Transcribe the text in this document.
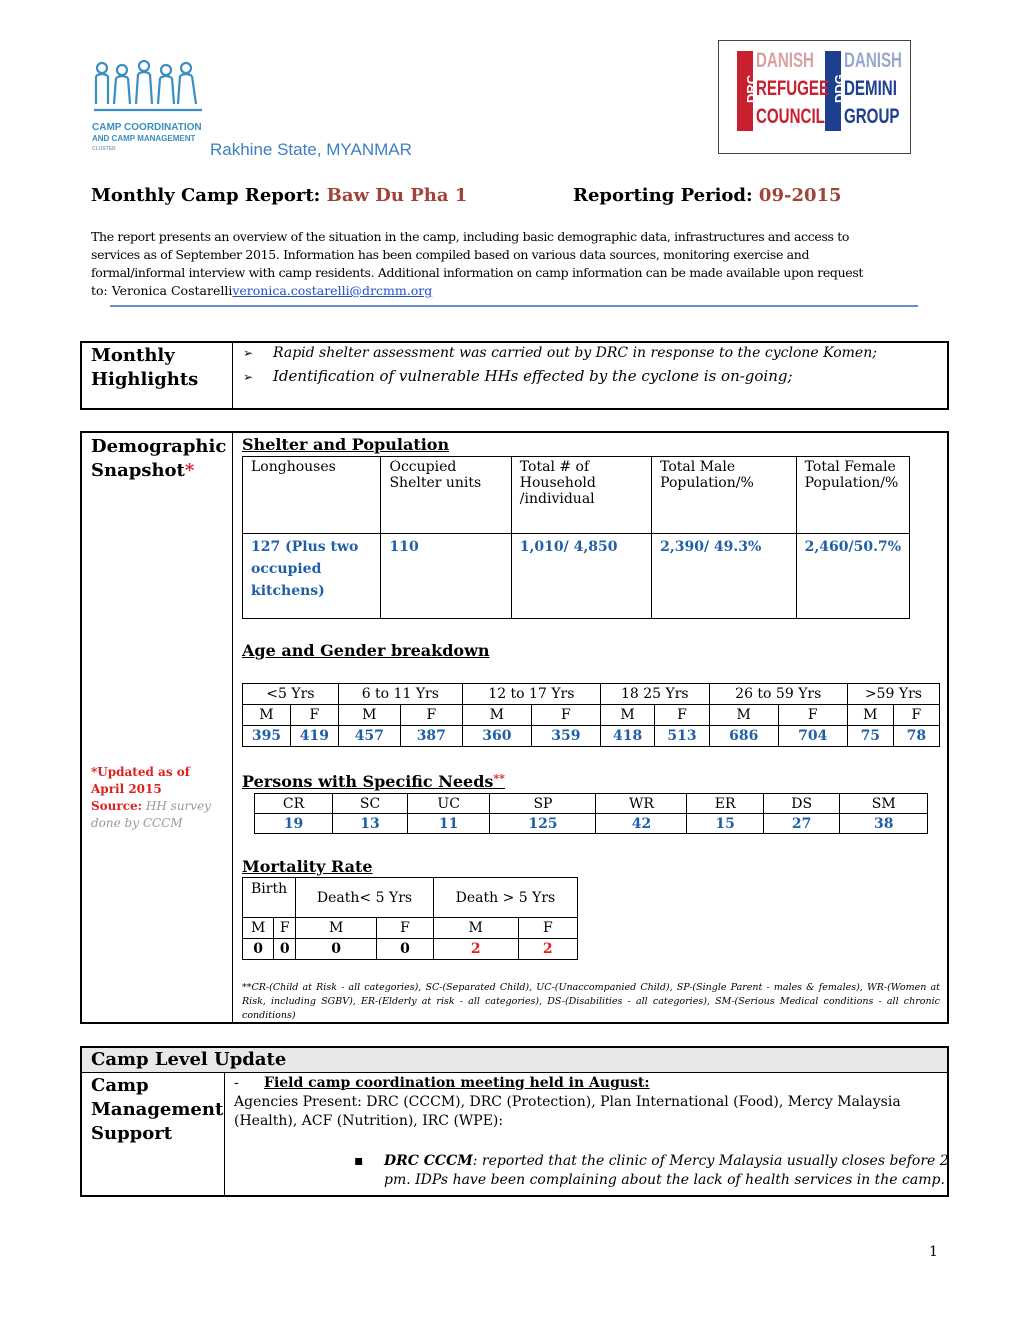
CAMP COORDINATION
AND CAMP MANAGEMENT
CLUSTER	Rakhine State, MYANMAR
DRC	DDG
DANISH
REFUGEE
COUNCIL
DANISH
DEMINI
GROUP
Monthly Camp Report: Baw Du Pha 1	Reporting Period: 09-2015
The report presents an overview of the situation in the camp, including basic demographic data, infrastructures and access to
services as of September 2015. Information has been compiled based on various data sources, monitoring exercise and
formal/informal interview with camp residents. Additional information on camp information can be made available upon request
to: Veronica Costarelliveronica.costarelli@drcmm.org
Monthly
Highlights
➢ Rapid shelter assessment was carried out by DRC in response to the cyclone Komen;
➢ Identification of vulnerable HHs effected by the cyclone is on-going;
Demographic
Snapshot*
*Updated as of April 2015
Source: HH survey done by CCCM
Shelter and Population
Longhouses	Occupied Shelter units	Total # of Household /individual	Total Male Population/%	Total Female Population/%
127 (Plus two occupied kitchens)	110	1,010/ 4,850	2,390/ 49.3%	2,460/50.7%
Age and Gender breakdown
<5 Yrs		6 to 11 Yrs		12 to 17 Yrs		18 25 Yrs		26 to 59 Yrs		>59 Yrs	
M	F	M	F	M	F	M	F	M	F	M	F
395	419	457	387	360	359	418	513	686	704	75	78
Persons with Specific Needs**
CR	SC	UC	SP	WR	ER	DS	SM
19	13	11	125	42	15	27	38
Mortality Rate
Birth		Death< 5 Yrs		Death > 5 Yrs	
M	F	M	F	M	F
0	0	0	0	2	2
**CR-(Child at Risk - all categories), SC-(Separated Child), UC-(Unaccompanied Child), SP-(Single Parent - males & females), WR-(Women at Risk, including SGBV), ER-(Elderly at risk - all categories), DS-(Disabilities - all categories), SM-(Serious Medical conditions - all chronic conditions)
Camp Level Update
Camp
Management
Support
- Field camp coordination meeting held in August:
Agencies Present: DRC (CCCM), DRC (Protection), Plan International (Food), Mercy Malaysia
(Health), ACF (Nutrition), IRC (WPE):
▪ DRC CCCM: reported that the clinic of Mercy Malaysia usually closes before 2
pm. IDPs have been complaining about the lack of health services in the camp.
1
